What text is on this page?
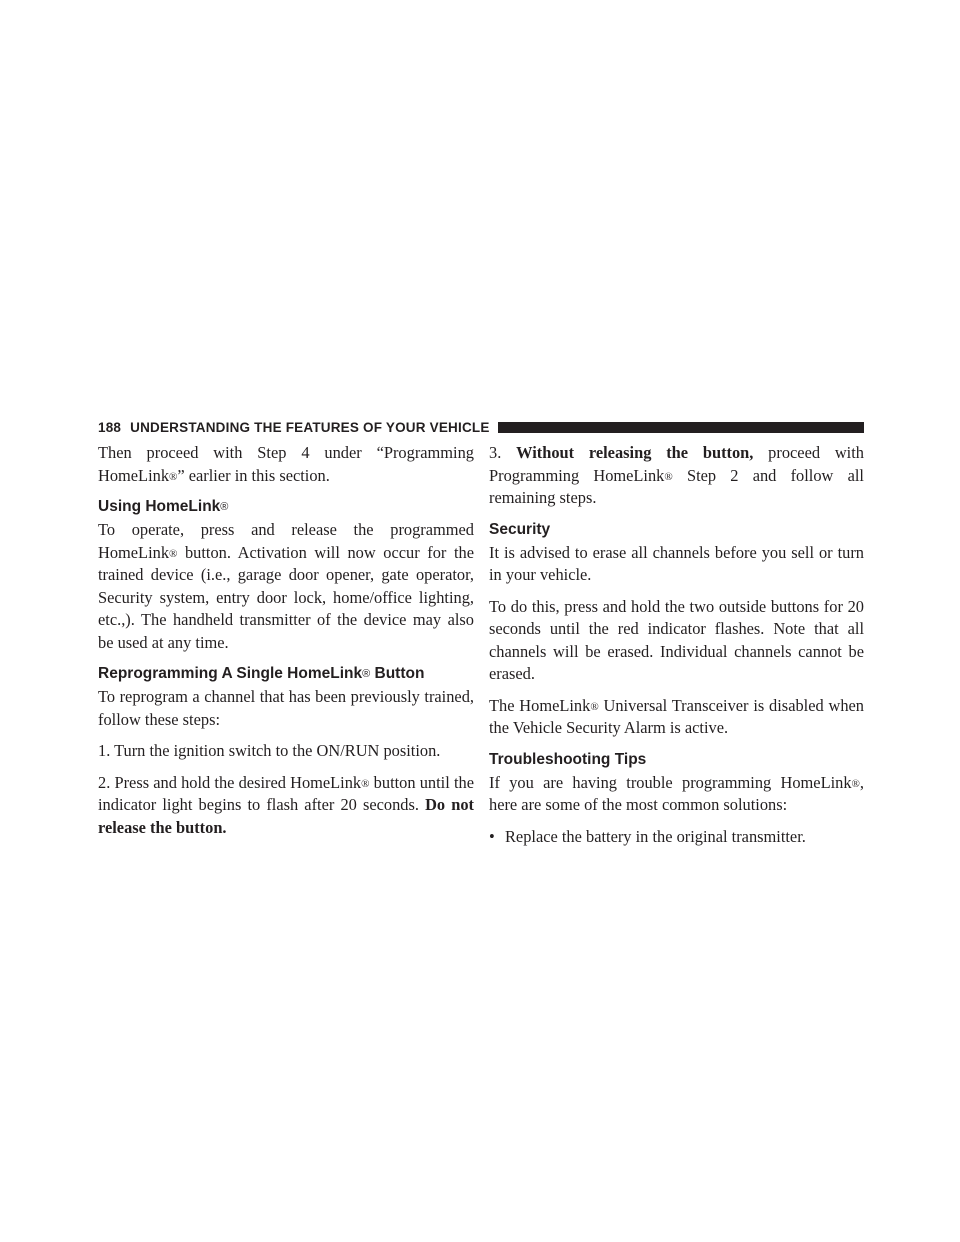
188 UNDERSTANDING THE FEATURES OF YOUR VEHICLE

Then proceed with Step 4 under “Programming HomeLink®” earlier in this section.

Using HomeLink®

To operate, press and release the programmed HomeLink® button. Activation will now occur for the trained device (i.e., garage door opener, gate operator, Security system, entry door lock, home/office lighting, etc.,). The handheld transmitter of the device may also be used at any time.

Reprogramming A Single HomeLink® Button

To reprogram a channel that has been previously trained, follow these steps:

1. Turn the ignition switch to the ON/RUN position.

2. Press and hold the desired HomeLink® button until the indicator light begins to flash after 20 seconds. Do not release the button.

3. Without releasing the button, proceed with Programming HomeLink® Step 2 and follow all remaining steps.

Security

It is advised to erase all channels before you sell or turn in your vehicle.

To do this, press and hold the two outside buttons for 20 seconds until the red indicator flashes. Note that all channels will be erased. Individual channels cannot be erased.

The HomeLink® Universal Transceiver is disabled when the Vehicle Security Alarm is active.

Troubleshooting Tips

If you are having trouble programming HomeLink®, here are some of the most common solutions:

• Replace the battery in the original transmitter.
